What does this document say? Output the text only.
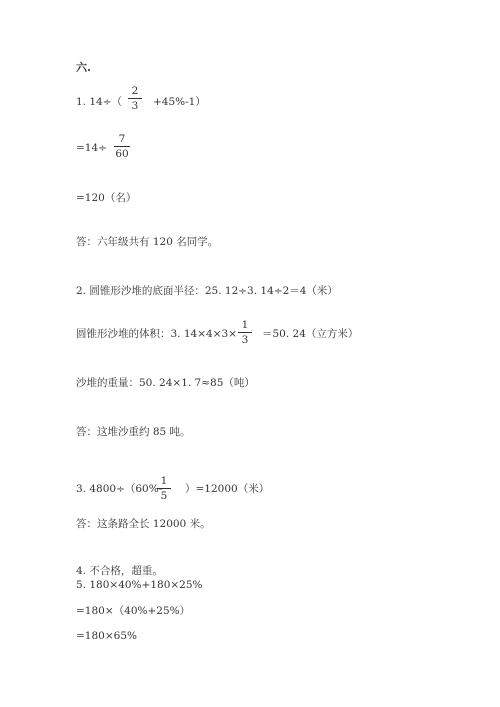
六.
1. 14÷（
2
3	+45%-1）
=14÷
7
60
=120（名）
答：六年级共有 120 名同学。
2. 圆锥形沙堆的底面半径：25. 12÷3. 14÷2＝4（米）
圆锥形沙堆的体积：3. 14×4×3×
1
3	＝50. 24（立方米）
沙堆的重量：50. 24×1. 7≈85（吨）
答：这堆沙重约 85 吨。
3. 4800÷（60%-
1
5
）=12000（米）
答：这条路全长 12000 米。
4. 不合格，超重。
5. 180×40%+180×25%
=180×（40%+25%）
=180×65%
